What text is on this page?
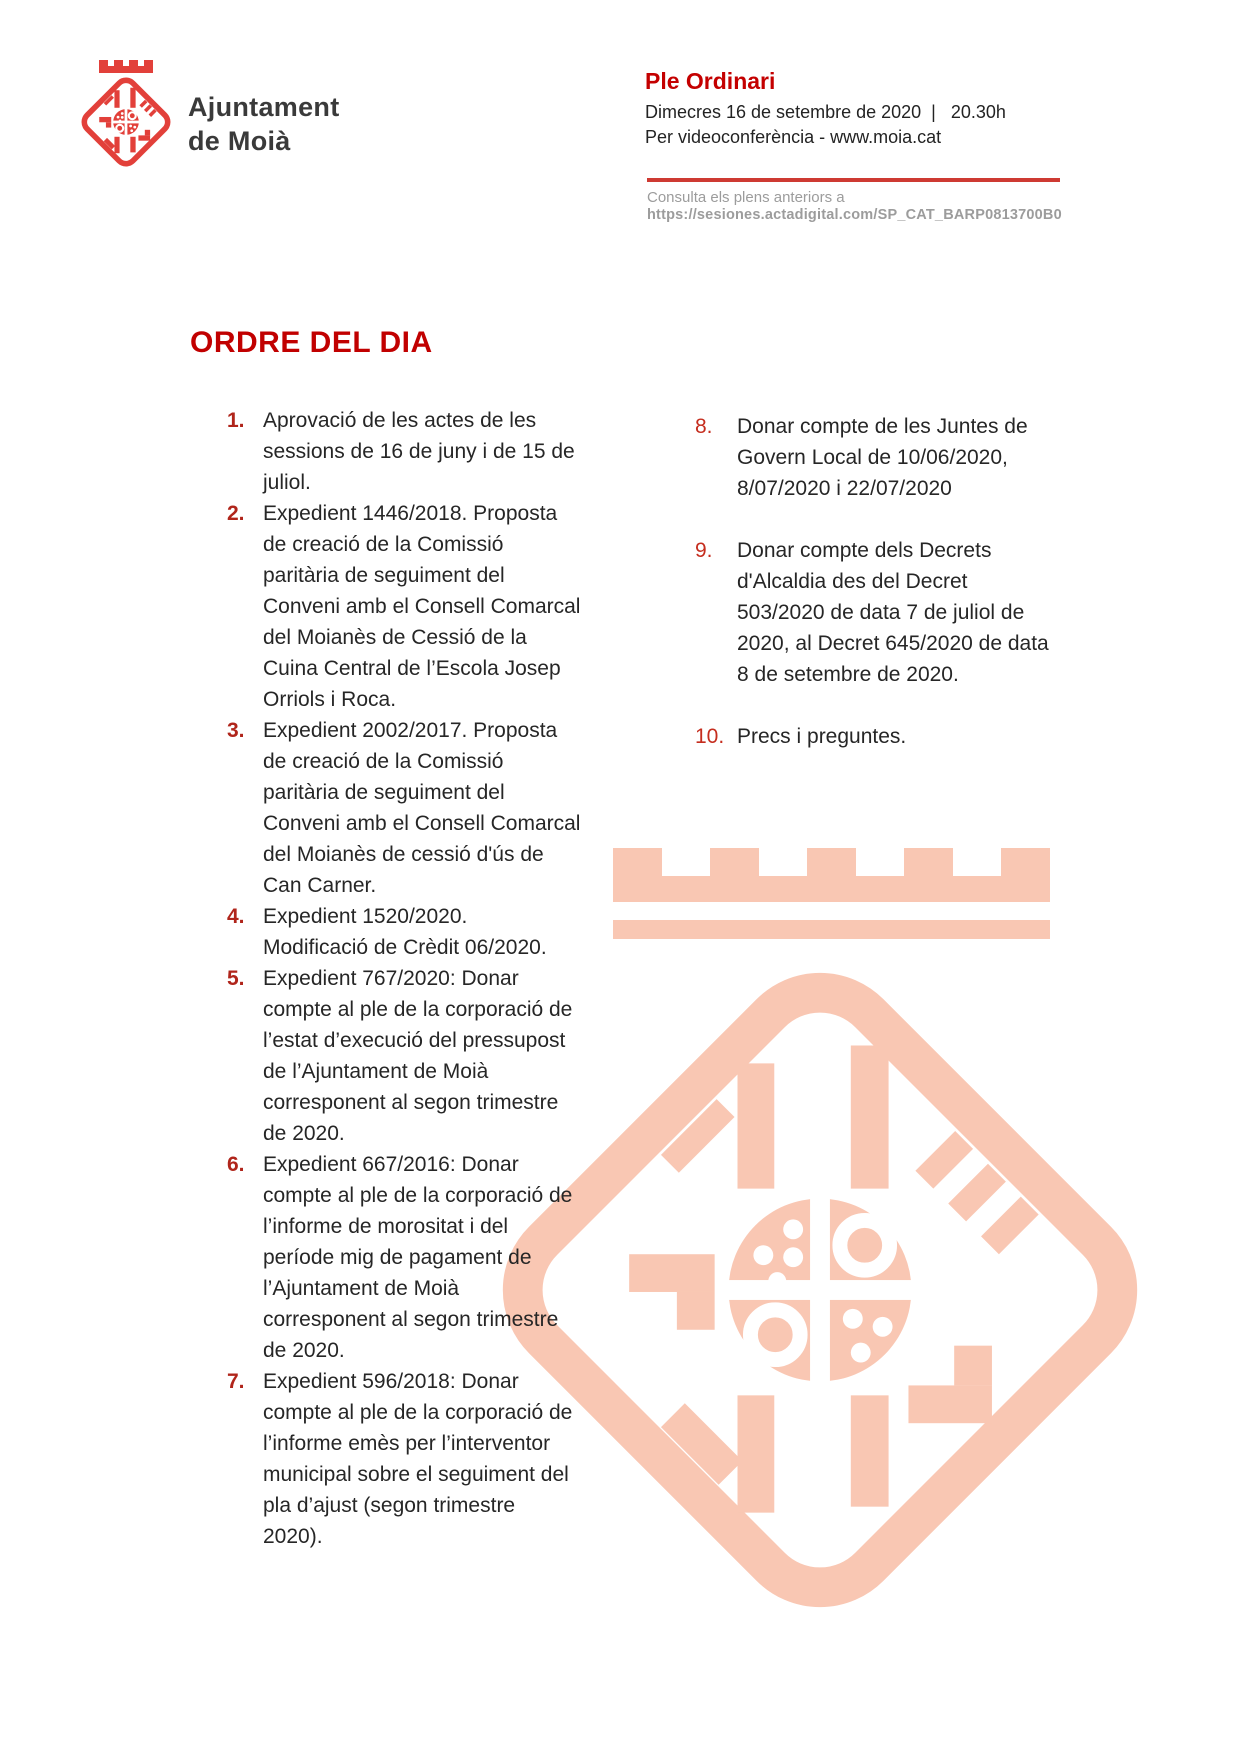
Ajuntament
de Moià
Ple Ordinari
Dimecres 16 de setembre de 2020  |   20.30h
Per videoconferència - www.moia.cat
Consulta els plens anteriors a
https://sesiones.actadigital.com/SP_CAT_BARP0813700B0
ORDRE DEL DIA
1. Aprovació de les actes de les
sessions de 16 de juny i de 15 de
juliol.
2. Expedient 1446/2018. Proposta
de creació de la Comissió
paritària de seguiment del
Conveni amb el Consell Comarcal
del Moianès de Cessió de la
Cuina Central de l’Escola Josep
Orriols i Roca.
3. Expedient 2002/2017. Proposta
de creació de la Comissió
paritària de seguiment del
Conveni amb el Consell Comarcal
del Moianès de cessió d'ús de
Can Carner.
4. Expedient 1520/2020.
Modificació de Crèdit 06/2020.
5. Expedient 767/2020: Donar
compte al ple de la corporació de
l’estat d’execució del pressupost
de l’Ajuntament de Moià
corresponent al segon trimestre
de 2020.
6. Expedient 667/2016: Donar
compte al ple de la corporació de
l’informe de morositat i del
període mig de pagament de
l’Ajuntament de Moià
corresponent al segon trimestre
de 2020.
7. Expedient 596/2018: Donar
compte al ple de la corporació de
l’informe emès per l’interventor
municipal sobre el seguiment del
pla d’ajust (segon trimestre
2020).
8.	Donar compte de les Juntes de
Govern Local de 10/06/2020,
8/07/2020 i 22/07/2020
9.	Donar compte dels Decrets
d'Alcaldia des del Decret
503/2020 de data 7 de juliol de
2020, al Decret 645/2020 de data
8 de setembre de 2020.
10. Precs i preguntes.
